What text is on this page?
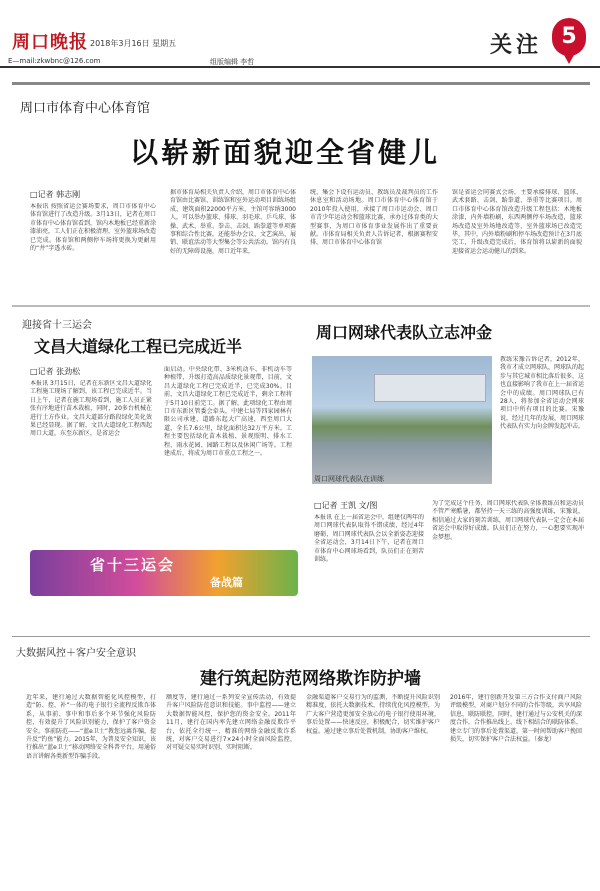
周口晚报 2018年3月16日 星期五
E—mail:zkwbnc@126.com	组版编辑 李哲
关注 5
周口市体育中心体育馆
以崭新面貌迎全省健儿
□记者 韩志刚
本报讯 按照省运会赛场要求，周口市体育中心体育馆进行了改造升级。3月13日，记者在周口市体育中心体育馆看到，馆内木地板已经重新涂漆油亮，工人们正在积极清理，室外篮球场改造已完成。体育馆和两侧停车场将更换为更耐用的“井”字透水砖。
据市体育局相关负责人介绍，周口市体育中心体育馆由比赛馆、训练馆和室外运动项目训练场组成，建筑面积22000平方米，主馆可容纳3000人，可以举办篮球、排球、羽毛球、乒乓球、体操、武术、举重、拳击、击剑、跆拳道等单项赛事和综合性比赛，还能举办会议、文艺演出、展销、联谊活动等大型集会等公共活动。馆内有良好的无障碍设施，周口近年来，
统，集会下设有运动员、教练员及裁判员的工作休息室和活动场地。周口市体育中心体育馆于2010年投入使用，承接了周口市运动会、周口市青少年运动会和篮球比赛，承办过体育类的大型赛事，为周口市体育事业发展作出了重要贡献。市体育局相关负责人告诉记者，根据赛程安排，周口市体育中心体育馆
馆是省运会同赛式会场，主要承接排球、篮球、武术套路、击剑、跆拳道、举重等比赛项目。周口市体育中心体育馆改造升级工程包括：木地板涂漆，内外墙粉刷，东西两侧停车场改造，篮球场改造及室外场地改造等，室外篮球场已改造完毕，其中，内外墙粉刷和停车场改造预计在3月底完工，升级改造完成后，体育馆将以崭新的面貌迎接省运会运动健儿的到来。
迎接省十三运会
文昌大道绿化工程已完成近半
□记者 张劲松
本报讯 3月15日，记者在东新区文昌大道绿化工程施工现场了解到，该工程已完成近半。当日上午，记者在施工现场看到，施工人员正紧张有序地进行苗木栽植，同时，20多台机械在进行土方作业。文昌大道部分路段绿化美化效果已经显现。据了解，文昌大道绿化工程西起周口大道，东至东新区，是省运会
面启动。中央绿化带、3米机动车、非机动车等种植带，升级打造高品质绿化景观带，目前，文昌大道绿化工程已完成近半，已完成30%。目前，文昌大道绿化工程已完成近半，剩余工程将于5月10日前完工。据了解，此项绿化工程由周口市东新区管委会牵头，中建七局等四家园林有限公司承建，道路东起大广高速，西至周口大道，全长7.6公里，绿化面积达32万平方米。工程主要包括绿化苗木栽植、景观照明、排水工程、雨水花园、园路工程以及休闲广场等。工程建成后，将成为周口市重点工程之一。
省十三运会
备战篇
周口网球代表队立志冲金
周口网球代表队在训练
□记者 王凯 文/图
本报讯 在上一届省运会中，组建仅两年的周口网球代表队取得不错成绩，经过4年磨砺，周口网球代表队会以全新姿态迎接全省运动会，3月14日下午，记者在周口市体育中心网球场看到，队员们正在刻苦训练。
教练宋豫告诉记者，2012年，我市才成立网球队，网球队的起步与其它城市相比落后很多，这也直接影响了我市在上一届省运会中的成绩。周口网球队已有28人，将参加全省运动会网球项目中所有项目的比赛。宋豫说，经过几年的发展，周口网球代表队有实力向金牌发起冲击。
为了完成这个任务，周口网球代表队全体教练员和运动员不管严寒酷暑，都坚持一天三练的高强度训练，宋豫说，相信通过大家的刻苦训练，周口网球代表队一定会在本届省运会中取得好成绩。队员们正在努力，一心想要实现冲金梦想。
大数据风控＋客户安全意识
建行筑起防范网络欺诈防护墙
近年来，建行通过大数据智能化风控模型，打造“防、控、补”一体的电子银行全流程反欺诈体系，从事前、事中和事后多个环节强化风险防控，有效提升了风险识别能力，保护了客户资金安全。事前防范——“蓝e卫士”教您远离诈骗，提升反“钓鱼”能力。2015年，为普及安全知识，该行推出“蓝e卫士”移动网络安全科普平台，用通俗语言讲解各类新型诈骗手段。
额度等，建行通过一系列安全宣传活动，有效提升客户风险防范意识和技能。事中监控——建立大数据智能风控，保护您的资金安全。2011年11月，建行在国内率先建立网络金融反欺诈平台，依托全行统一、精准的网络金融反欺诈系统，对客户交易进行7×24小时全面风险监控，对可疑交易实时识别、实时阻断。
金融渠道客户交易行为的监测，不断提升风险识别精准度，依托大数据技术，持续优化风控模型，为广大客户营造更加安全放心的电子银行使用环境，事后处置——快速反应，积极配合，切实维护客户权益。通过建立事后处置机制，协助客户维权。
2016年，建行创新开发第三方合作支付商户风险评级模型，对商户划分不同的合作等级，共享风险信息，联防联控，同时，建行通过与公安机关的深度合作，合作推出线上、线下相结合的联防体系，建立专门的事后处置渠道，第一时间帮助客户挽回损失，切实保护客户合法权益。（秦龙）
